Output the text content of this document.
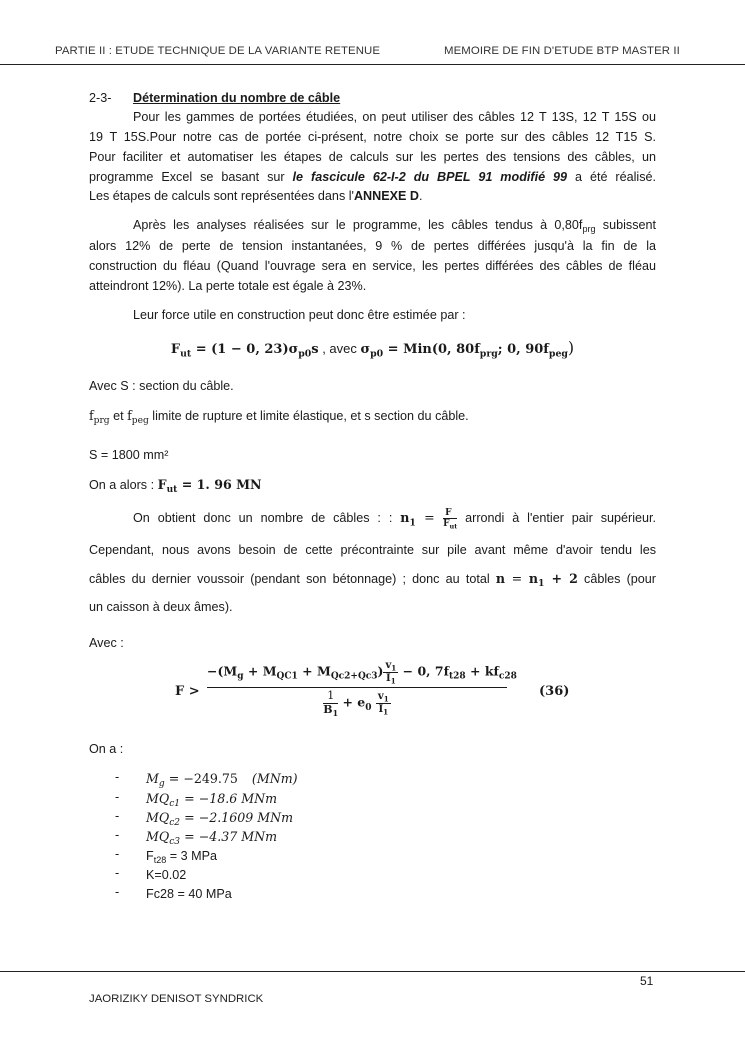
PARTIE II : ETUDE TECHNIQUE DE LA VARIANTE RETENUE	MEMOIRE DE FIN D'ETUDE BTP MASTER II
2-3- Détermination du nombre de câble
Pour les gammes de portées étudiées, on peut utiliser des câbles 12 T 13S, 12 T 15S ou
19 T 15S.Pour notre cas de portée ci-présent, notre choix se porte sur des câbles 12 T15 S.
Pour faciliter et automatiser les étapes de calculs sur les pertes des tensions des câbles, un
programme Excel se basant sur le fascicule 62-I-2 du BPEL 91 modifié 99 a été réalisé.
Les étapes de calculs sont représentées dans l'ANNEXE D.
Après les analyses réalisées sur le programme, les câbles tendus à $0,80f_{prg}$ subissent
alors 12% de perte de tension instantanées, 9 % de pertes différées jusqu'à la fin de la
construction du fléau (Quand l'ouvrage sera en service, les pertes différées des câbles de fléau
atteindront 12%). La perte totale est égale à 23%.
Leur force utile en construction peut donc être estimée par :
$F_{ut} = (1 - 0$, $23)\sigma_{p0}s$ , avec $\sigma_{p0} = Min(0$, $80f_{prg}$; 0, $90f_{peg}$)
Avec S : section du câble.
$f_{prg}$ et $f_{peg}$ limite de rupture et limite élastique, et s section du câble.
S = 1800 mm²
On a alors : $F_{ut} = 1$. 96 MN
On obtient donc un nombre de câbles : : $n_1 = \frac{F}{F_{ut}}$ arrondi à l'entier pair supérieur.
Cependant, nous avons besoin de cette précontrainte sur pile avant même d'avoir tendu les
câbles du dernier voussoir (pendant son bétonnage) ; donc au total $n = n_1 + 2$ câbles (pour
un caisson à deux âmes).
Avec :
F >
$-(M_g + M_{QC1} + M_{Qc2+Qc3}) \frac{v_1}{I_1} - 0$, $7f_{t28} + kf_{c28}$
$\frac{1}{B_1} + e_0 \frac{v_1}{I_1}$	(36)
On a :
-	$M_g = -249.75$ (MNm)
-	$MQ_{c1} = -18.6$ MNm
-	$MQ_{c2} = -2.1609$ MNm
-	$MQ_{c3} = -4.37$ MNm
-	$F_{t28} = 3$ MPa
-	K=0.02
-	Fc28 = 40 MPa
51
JAORIZIKY DENISOT SYNDRICK
